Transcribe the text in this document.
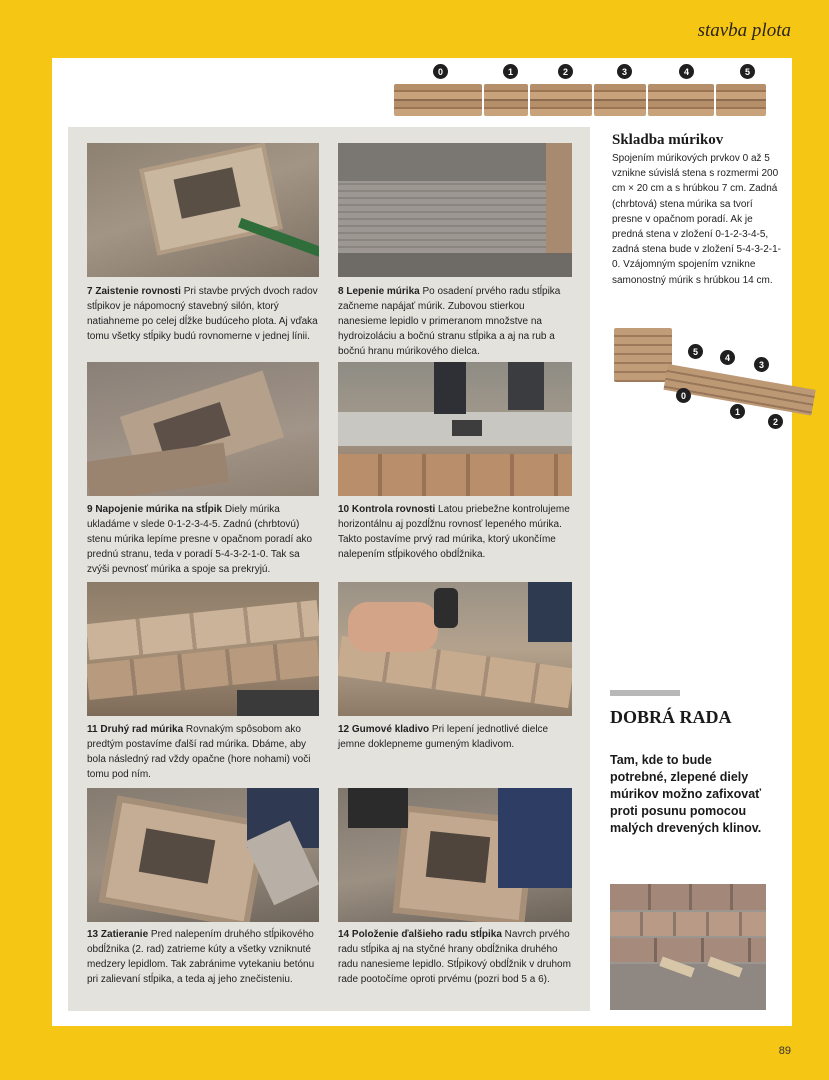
stavba plota
0	1	2	3	4	5
7 Zaistenie rovnosti Pri stavbe prvých dvoch radov stĺpikov je nápomocný stavebný silón, ktorý natiahneme po celej dĺžke budúceho plota. Aj vďaka tomu všetky stĺpiky budú rovnomerne v jednej línii.
8 Lepenie múrika Po osadení prvého radu stĺpika začneme napájať múrik. Zubovou stierkou nanesieme lepidlo v primeranom množstve na hydroizoláciu a bočnú stranu stĺpika a aj na rub a bočnú hranu múrikového dielca.
9 Napojenie múrika na stĺpik Diely múrika ukladáme v slede 0-1-2-3-4-5. Zadnú (chrbtovú) stenu múrika lepíme presne v opačnom poradí ako prednú stranu, teda v poradí 5-4-3-2-1-0. Tak sa zvýši pevnosť múrika a spoje sa prekryjú.
10 Kontrola rovnosti Latou priebežne kontrolujeme horizontálnu aj pozdĺžnu rovnosť lepeného múrika. Takto postavíme prvý rad múrika, ktorý ukončíme nalepením stĺpikového obdĺžnika.
11 Druhý rad múrika Rovnakým spôsobom ako predtým postavíme ďalší rad múrika. Dbáme, aby bola následný rad vždy opačne (hore nohami) voči tomu pod ním.
12 Gumové kladivo Pri lepení jednotlivé dielce jemne doklepneme gumeným kladivom.
13 Zatieranie Pred nalepením druhého stĺpikového obdĺžnika (2. rad) zatrieme kúty a všetky vzniknuté medzery lepidlom. Tak zabránime vytekaniu betónu pri zalievaní stĺpika, a teda aj jeho znečisteniu.
14 Položenie ďalšieho radu stĺpika Navrch prvého radu stĺpika aj na styčné hrany obdĺžnika druhého radu nanesieme lepidlo. Stĺpikový obdĺžnik v druhom rade pootočíme oproti prvému (pozri bod 5 a 6).
Skladba múrikov
Spojením múrikových prvkov 0 až 5 vznikne súvislá stena s rozmermi 200 cm × 20 cm a s hrúbkou 7 cm. Zadná (chrbtová) stena múrika sa tvorí presne v opačnom poradí. Ak je predná stena v zložení 0-1-2-3-4-5, zadná stena bude v zložení 5-4-3-2-1-0. Vzájomným spojením vznikne samonostný múrik s hrúbkou 14 cm.
5
4
3
0
1
2
DOBRÁ RADA
Tam, kde to bude potrebné, zlepené diely múrikov možno zafixovať proti posunu pomocou malých drevených klinov.
89
